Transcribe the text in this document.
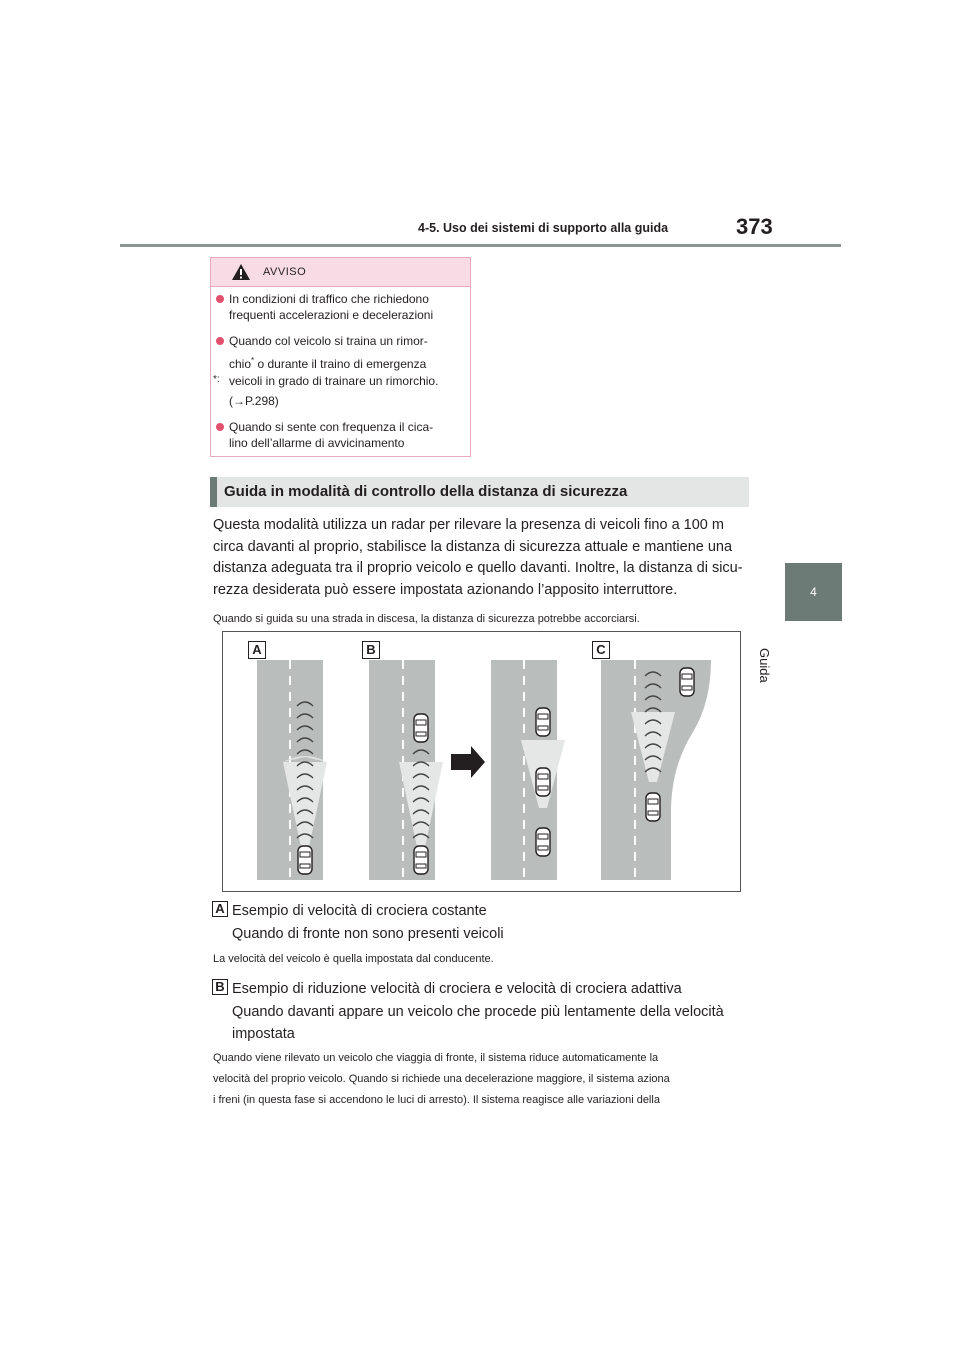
4-5. Uso dei sistemi di supporto alla guida	373
4
Guida
AVVISO
In condizioni di traffico che richiedono
frequenti accelerazioni e decelerazioni
Quando col veicolo si traina un rimor-
chio* o durante il traino di emergenza
*: veicoli in grado di trainare un rimorchio.
(→P.298)
Quando si sente con frequenza il cica-
lino dell’allarme di avvicinamento
Guida in modalità di controllo della distanza di sicurezza
Questa modalità utilizza un radar per rilevare la presenza di veicoli fino a 100 m
circa davanti al proprio, stabilisce la distanza di sicurezza attuale e mantiene una
distanza adeguata tra il proprio veicolo e quello davanti. Inoltre, la distanza di sicu-
rezza desiderata può essere impostata azionando l’apposito interruttore.
Quando si guida su una strada in discesa, la distanza di sicurezza potrebbe accorciarsi.
A	B	C
A Esempio di velocità di crociera costante
Quando di fronte non sono presenti veicoli
La velocità del veicolo è quella impostata dal conducente.
B Esempio di riduzione velocità di crociera e velocità di crociera adattiva
Quando davanti appare un veicolo che procede più lentamente della velocità
impostata
Quando viene rilevato un veicolo che viaggia di fronte, il sistema riduce automaticamente la
velocità del proprio veicolo. Quando si richiede una decelerazione maggiore, il sistema aziona
i freni (in questa fase si accendono le luci di arresto). Il sistema reagisce alle variazioni della
